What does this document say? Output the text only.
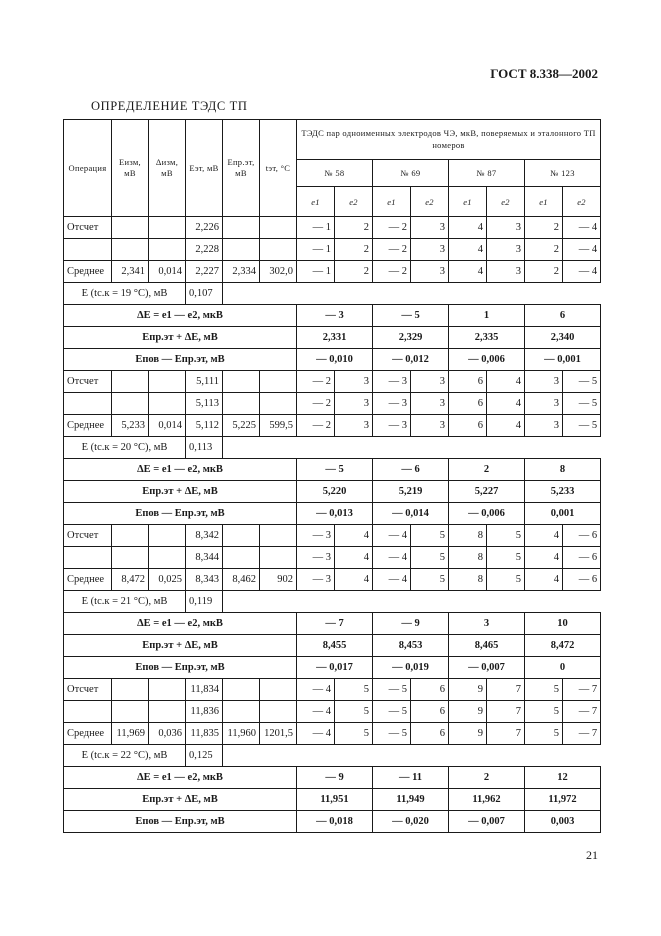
ГОСТ 8.338—2002
ОПРЕДЕЛЕНИЕ ТЭДС ТП
Операция	Eизм, мВ	Δизм, мВ	Eэт, мВ	Eпр.эт, мВ	tэт, °С	ТЭДС пар одноименных электродов ЧЭ, мкВ, поверяемых и эталонного ТП номеров							
						№ 58		№ 69		№ 87		№ 123	
						e1	e2	e1	e2	e1	e2	e1	e2
Отсчет			2,226			— 1	2	— 2	3	4	3	2	— 4
			2,228			— 1	2	— 2	3	4	3	2	— 4
Среднее	2,341	0,014	2,227	2,334	302,0	— 1	2	— 2	3	4	3	2	— 4
E (tс.к = 19 °С), мВ			0,107										
ΔE = e1 — e2, мкВ						— 3		— 5		1		6	
Eпр.эт + ΔE, мВ						2,331		2,329		2,335		2,340	
Eпов — Eпр.эт, мВ						— 0,010		— 0,012		— 0,006		— 0,001	
Отсчет			5,111			— 2	3	— 3	3	6	4	3	— 5
			5,113			— 2	3	— 3	3	6	4	3	— 5
Среднее	5,233	0,014	5,112	5,225	599,5	— 2	3	— 3	3	6	4	3	— 5
E (tс.к = 20 °С), мВ			0,113										
ΔE = e1 — e2, мкВ						— 5		— 6		2		8	
Eпр.эт + ΔE, мВ						5,220		5,219		5,227		5,233	
Eпов — Eпр.эт, мВ						— 0,013		— 0,014		— 0,006		0,001	
Отсчет			8,342			— 3	4	— 4	5	8	5	4	— 6
			8,344			— 3	4	— 4	5	8	5	4	— 6
Среднее	8,472	0,025	8,343	8,462	902	— 3	4	— 4	5	8	5	4	— 6
E (tс.к = 21 °С), мВ			0,119										
ΔE = e1 — e2, мкВ						— 7		— 9		3		10	
Eпр.эт + ΔE, мВ						8,455		8,453		8,465		8,472	
Eпов — Eпр.эт, мВ						— 0,017		— 0,019		— 0,007		0	
Отсчет			11,834			— 4	5	— 5	6	9	7	5	— 7
			11,836			— 4	5	— 5	6	9	7	5	— 7
Среднее	11,969	0,036	11,835	11,960	1201,5	— 4	5	— 5	6	9	7	5	— 7
E (tс.к = 22 °С), мВ			0,125										
ΔE = e1 — e2, мкВ						— 9		— 11		2		12	
Eпр.эт + ΔE, мВ						11,951		11,949		11,962		11,972	
Eпов — Eпр.эт, мВ						— 0,018		— 0,020		— 0,007		0,003	
21
